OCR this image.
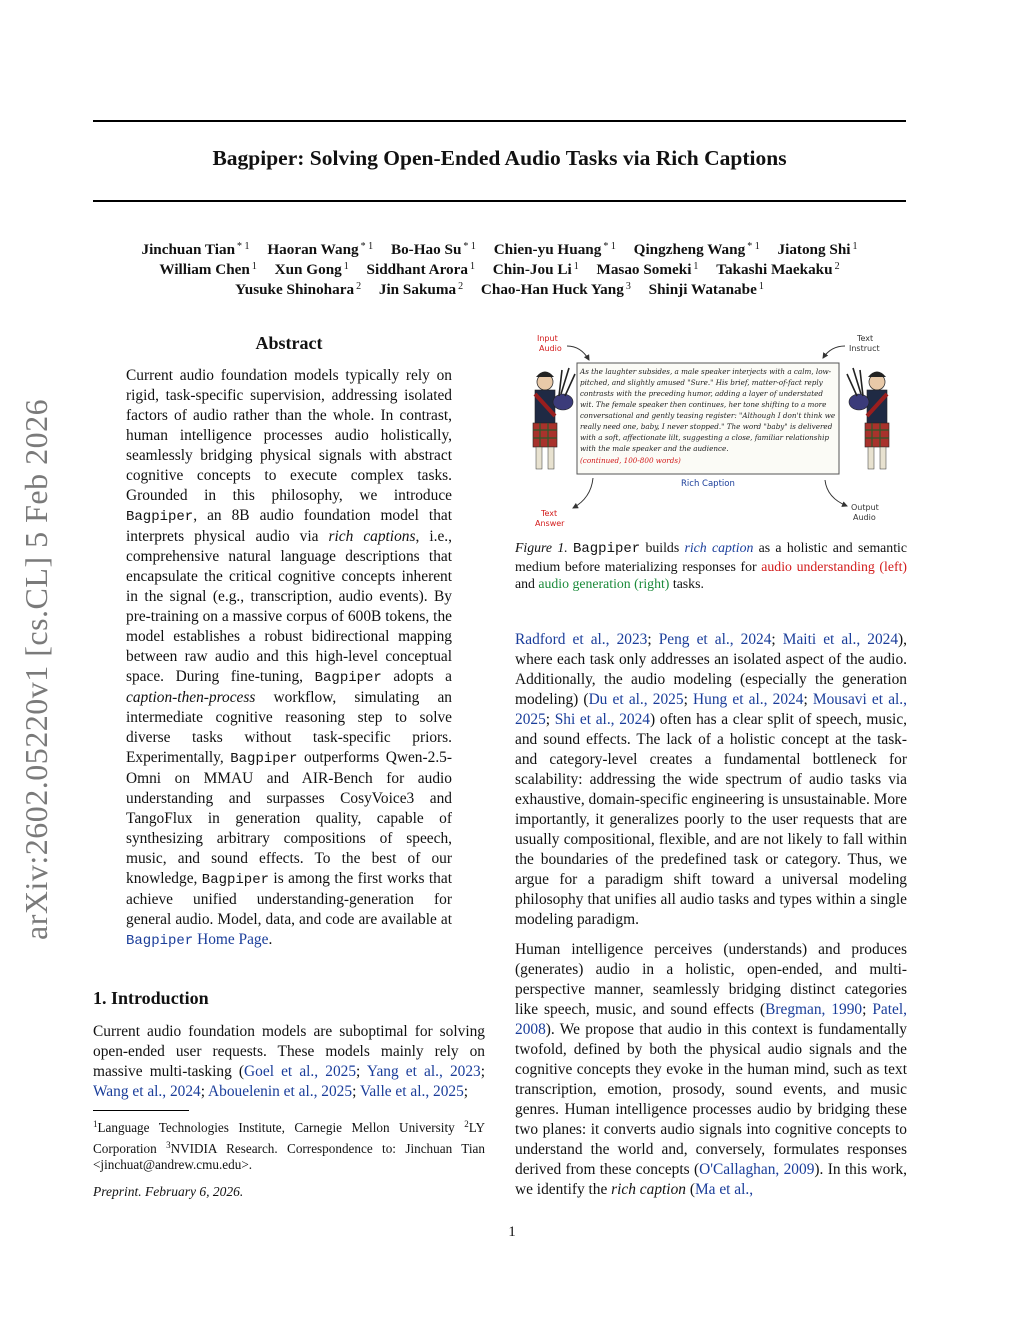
Bagpiper: Solving Open-Ended Audio Tasks via Rich Captions
Jinchuan Tian $^{* 1}$ Haoran Wang $^{* 1}$ Bo-Hao Su $^{* 1}$ Chien-yu Huang $^{* 1}$ Qingzheng Wang $^{* 1}$ Jiatong Shi $^1$
William Chen $^1$ Xun Gong $^1$ Siddhant Arora $^1$ Chin-Jou Li $^1$ Masao Someki $^1$ Takashi Maekaku $^2$
Yusuke Shinohara $^2$ Jin Sakuma $^2$ Chao-Han Huck Yang $^3$ Shinji Watanabe $^1$
arXiv:2602.05220v1 [cs.CL] 5 Feb 2026
Abstract
Current audio foundation models typically rely on rigid, task-specific supervision, addressing isolated factors of audio rather than the whole. In contrast, human intelligence processes audio holistically, seamlessly bridging physical signals with abstract cognitive concepts to execute complex tasks. Grounded in this philosophy, we introduce Bagpiper, an 8B audio foundation model that interprets physical audio via rich captions, i.e., comprehensive natural language descriptions that encapsulate the critical cognitive concepts inherent in the signal (e.g., transcription, audio events). By pre-training on a massive corpus of 600B tokens, the model establishes a robust bidirectional mapping between raw audio and this high-level conceptual space. During fine-tuning, Bagpiper adopts a caption-then-process workflow, simulating an intermediate cognitive reasoning step to solve diverse tasks without task-specific priors. Experimentally, Bagpiper outperforms Qwen-2.5-Omni on MMAU and AIR-Bench for audio understanding and surpasses CosyVoice3 and TangoFlux in generation quality, capable of synthesizing arbitrary compositions of speech, music, and sound effects. To the best of our knowledge, Bagpiper is among the first works that achieve unified understanding-generation for general audio. Model, data, and code are available at Bagpiper Home Page.
1. Introduction
Current audio foundation models are suboptimal for solving open-ended user requests. These models mainly rely on massive multi-tasking (Goel et al., 2025; Yang et al., 2023; Wang et al., 2024; Abouelenin et al., 2025; Valle et al., 2025;
$^1$Language Technologies Institute, Carnegie Mellon University $^2$LY Corporation $^3$NVIDIA Research. Correspondence to: Jinchuan Tian <jinchuat@andrew.cmu.edu>.
Preprint. February 6, 2026.
Input
Audio
Text
Instruct
Text
Answer
Output
Audio
As the laughter subsides, a male speaker interjects with a calm, low-
pitched, and slightly amused "Sure." His brief, matter-of-fact reply
contrasts with the preceding humor, adding a layer of understated
wit. The female speaker then continues, her tone shifting to a more
conversational and gently teasing register: "Although I don't think we
really need one, baby, I never stopped." The word "baby" is delivered
with a soft, affectionate lilt, suggesting a close, familiar relationship
with the male speaker and the audience.
(continued, 100-800 words)
Rich Caption
Figure 1. Bagpiper builds rich caption as a holistic and semantic medium before materializing responses for audio understanding (left) and audio generation (right) tasks.
Radford et al., 2023; Peng et al., 2024; Maiti et al., 2024), where each task only addresses an isolated aspect of the audio. Additionally, the audio modeling (especially the generation modeling) (Du et al., 2025; Hung et al., 2024; Mousavi et al., 2025; Shi et al., 2024) often has a clear split of speech, music, and sound effects. The lack of a holistic concept at the task- and category-level creates a fundamental bottleneck for scalability: addressing the wide spectrum of audio tasks via exhaustive, domain-specific engineering is unsustainable. More importantly, it generalizes poorly to the user requests that are usually compositional, flexible, and are not likely to fall within the boundaries of the predefined task or category. Thus, we argue for a paradigm shift toward a universal modeling philosophy that unifies all audio tasks and types within a single modeling paradigm.
Human intelligence perceives (understands) and produces (generates) audio in a holistic, open-ended, and multi-perspective manner, seamlessly bridging distinct categories like speech, music, and sound effects (Bregman, 1990; Patel, 2008). We propose that audio in this context is fundamentally twofold, defined by both the physical audio signals and the cognitive concepts they evoke in the human mind, such as text transcription, emotion, prosody, sound events, and music genres. Human intelligence processes audio by bridging these two planes: it converts audio signals into cognitive concepts to understand the world and, conversely, formulates responses derived from these concepts (O'Callaghan, 2009). In this work, we identify the rich caption (Ma et al.,
1
